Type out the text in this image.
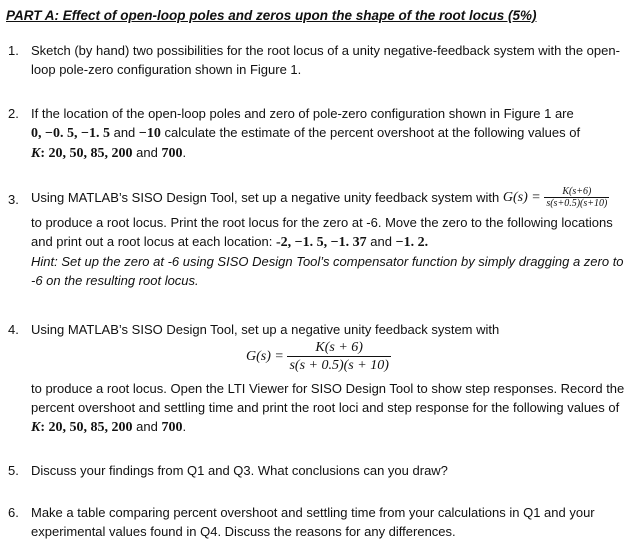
PART A: Effect of open-loop poles and zeros upon the shape of the root locus (5%)
1. Sketch (by hand) two possibilities for the root locus of a unity negative-feedback system with the open-loop pole-zero configuration shown in Figure 1.
2. If the location of the open-loop poles and zero of pole-zero configuration shown in Figure 1 are
0, −0. 5, −1. 5 and −10 calculate the estimate of the percent overshoot at the following values of
K: 20, 50, 85, 200 and 700.
3. Using MATLAB’s SISO Design Tool, set up a negative unity feedback system with $G(s) = \frac{K(s+6)}{s(s+0.5)(s+10)}$
to produce a root locus. Print the root locus for the zero at -6. Move the zero to the following locations and print out a root locus at each location: -2, −1. 5, −1. 37 and −1. 2.
Hint: Set up the zero at -6 using SISO Design Tool’s compensator function by simply dragging a zero to -6 on the resulting root locus.
4. Using MATLAB’s SISO Design Tool, set up a negative unity feedback system with
$G(s) = \frac{K(s + 6)}{s(s + 0.5)(s + 10)}$
to produce a root locus. Open the LTI Viewer for SISO Design Tool to show step responses. Record the percent overshoot and settling time and print the root loci and step response for the following values of K: 20, 50, 85, 200 and 700.
5. Discuss your findings from Q1 and Q3. What conclusions can you draw?
6. Make a table comparing percent overshoot and settling time from your calculations in Q1 and your experimental values found in Q4. Discuss the reasons for any differences.
